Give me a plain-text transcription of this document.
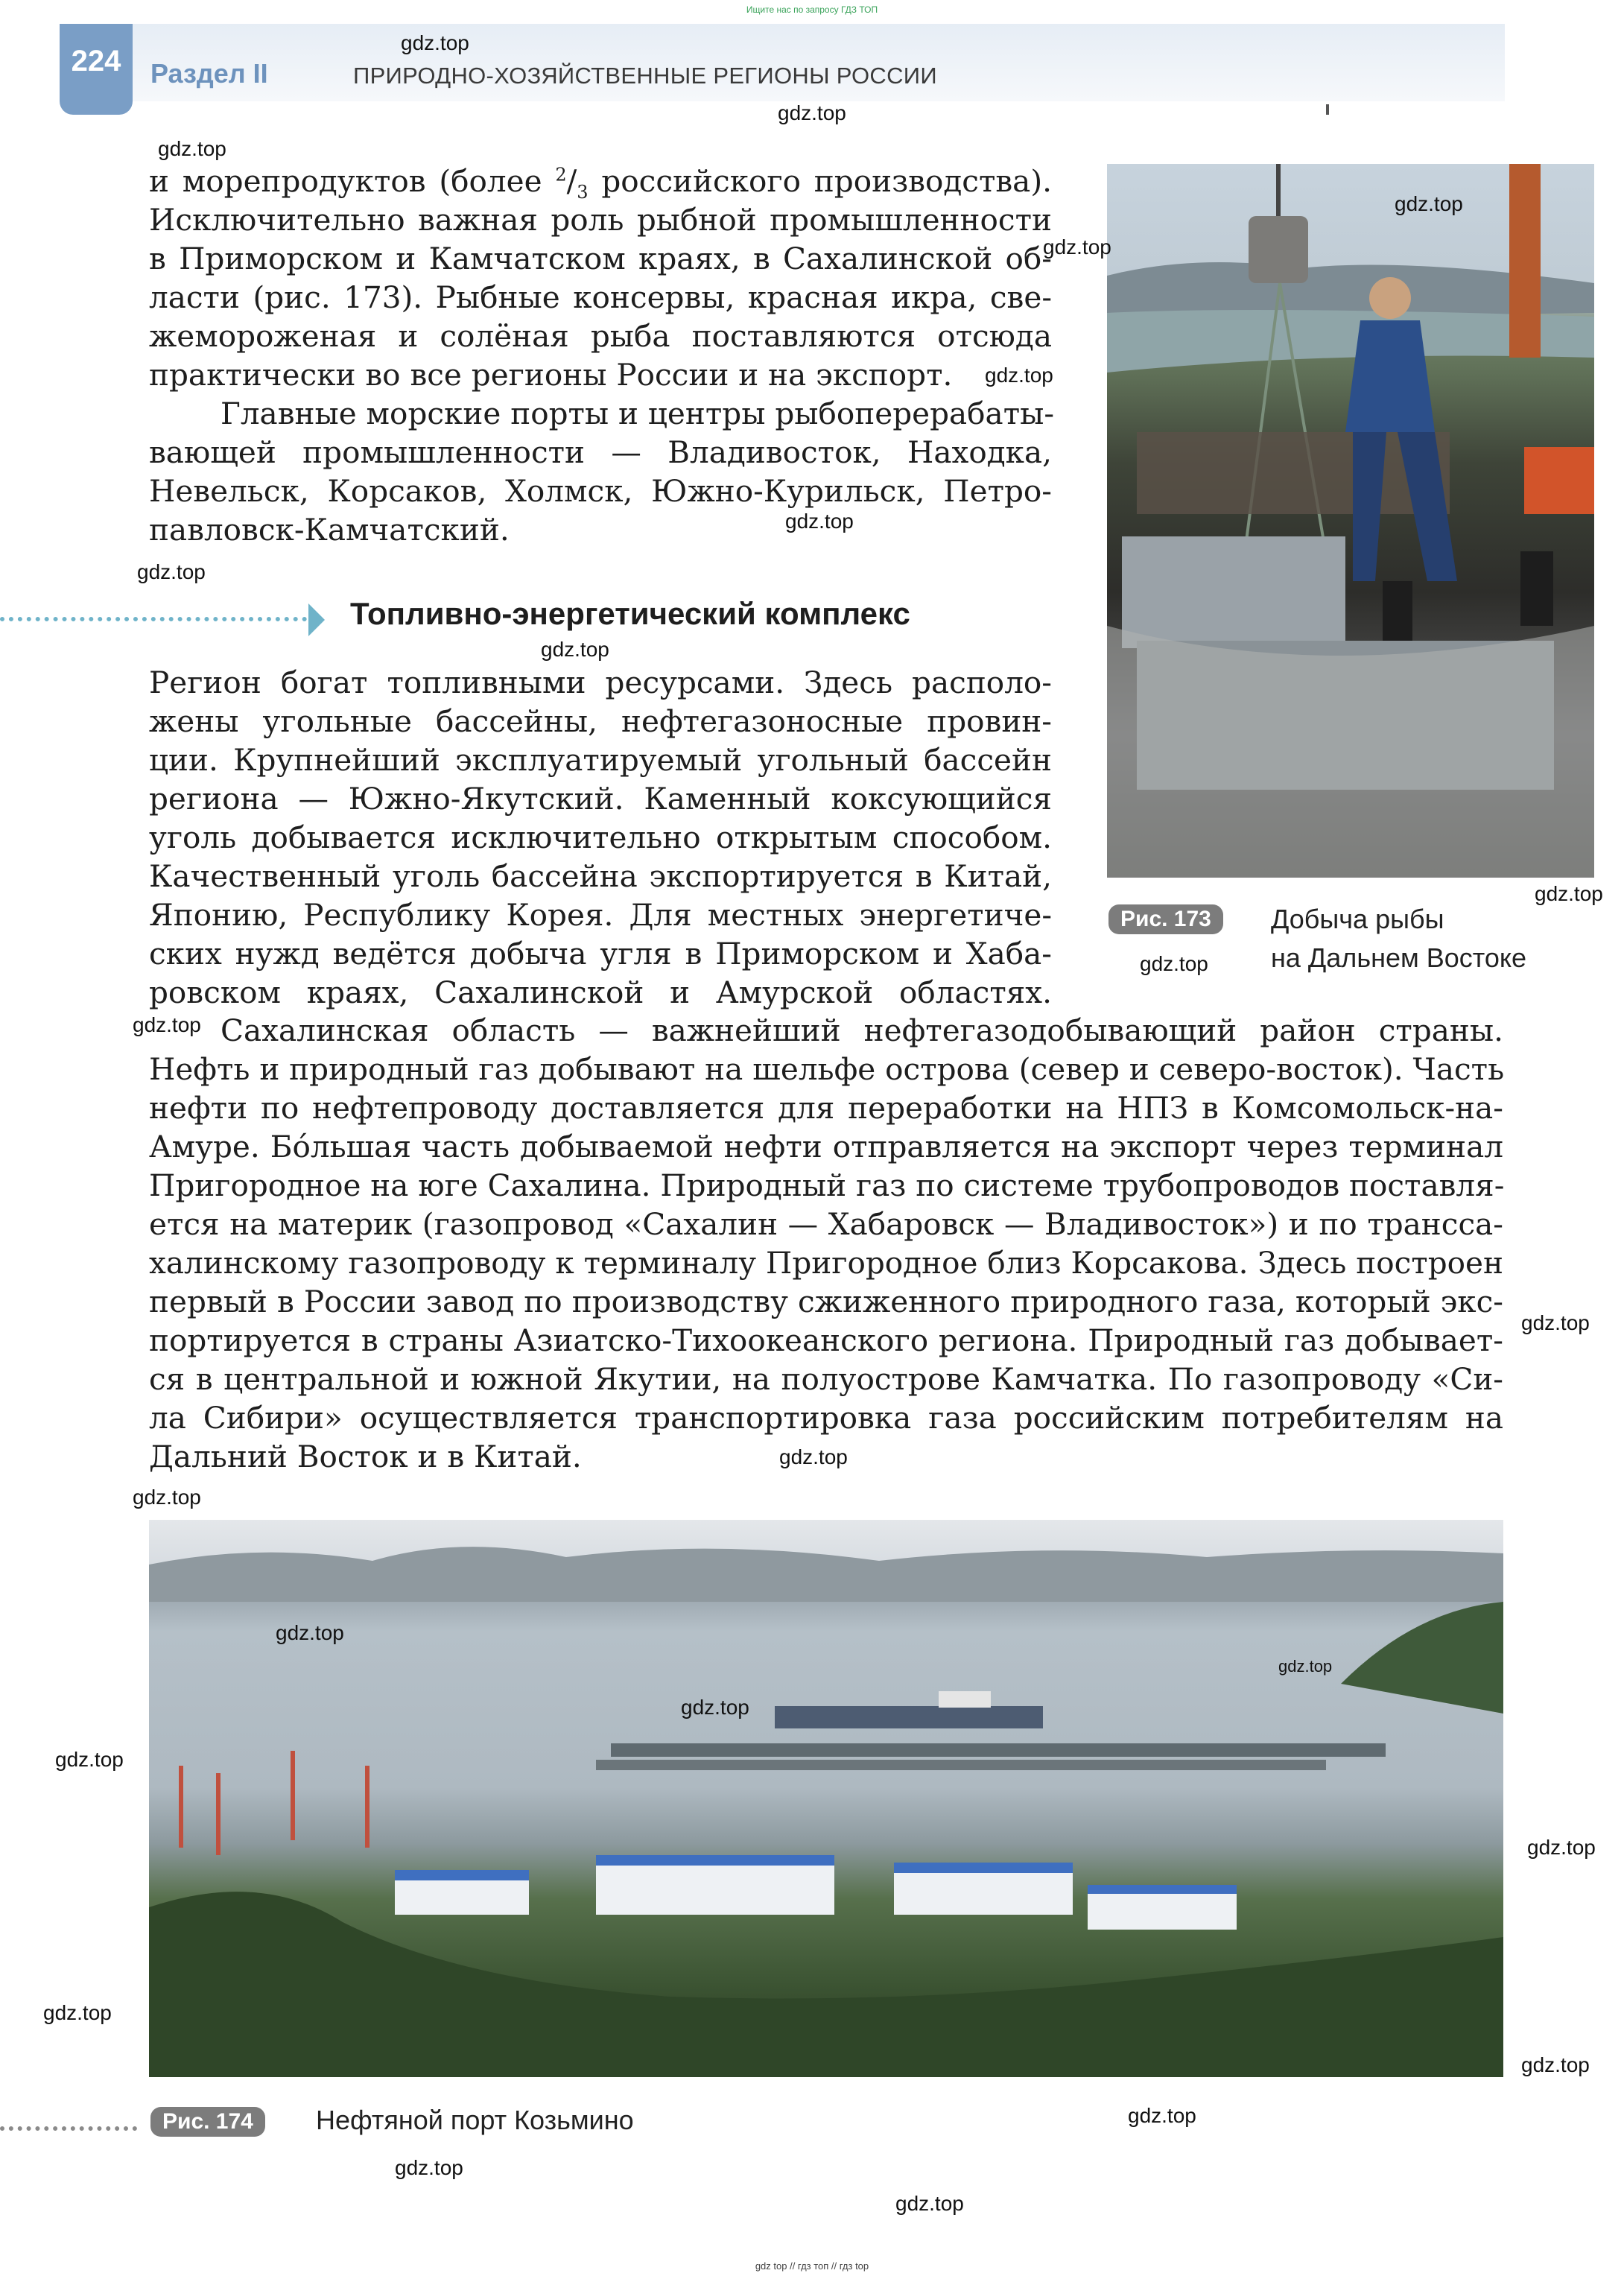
Ищите нас по запросу ГДЗ ТОП
224	Раздел II	ПРИРОДНО-ХОЗЯЙСТВЕННЫЕ РЕГИОНЫ РОССИИ
и морепродуктов (более $^2/_3$ российского производства).
Исключительно важная роль рыбной промышленности
в Приморском и Камчатском краях, в Сахалинской об-
ласти (рис. 173). Рыбные консервы, красная икра, све-
жемороженая и солёная рыба поставляются отсюда
практически во все регионы России и на экспорт.
Главные морские порты и центры рыбоперерабаты-
вающей промышленности — Владивосток, Находка,
Невельск, Корсаков, Холмск, Южно-Курильск, Петро-
павловск-Камчатский.
Топливно-энергетический комплекс
Регион богат топливными ресурсами. Здесь располо-
жены угольные бассейны, нефтегазоносные провин-
ции. Крупнейший эксплуатируемый угольный бассейн
региона — Южно-Якутский. Каменный коксующийся
уголь добывается исключительно открытым способом.
Качественный уголь бассейна экспортируется в Китай,
Японию, Республику Корея. Для местных энергетиче-
ских нужд ведётся добыча угля в Приморском и Хаба-
ровском краях, Сахалинской и Амурской областях.
Сахалинская область — важнейший нефтегазодобывающий район страны.
Нефть и природный газ добывают на шельфе острова (север и северо-восток). Часть
нефти по нефтепроводу доставляется для переработки на НПЗ в Комсомольск-на-
Амуре. Бóльшая часть добываемой нефти отправляется на экспорт через терминал
Пригородное на юге Сахалина. Природный газ по системе трубопроводов поставля-
ется на материк (газопровод «Сахалин — Хабаровск — Владивосток») и по трансса-
халинскому газопроводу к терминалу Пригородное близ Корсакова. Здесь построен
первый в России завод по производству сжиженного природного газа, который экс-
портируется в страны Азиатско-Тихоокеанского региона. Природный газ добывает-
ся в центральной и южной Якутии, на полуострове Камчатка. По газопроводу «Си-
ла Сибири» осуществляется транспортировка газа российским потребителям на
Дальний Восток и в Китай.
Рис. 173	Добыча рыбы
на Дальнем Востоке
Рис. 174	Нефтяной порт Козьмино
gdz.top
gdz.top
gdz.top
gdz.top
gdz.top
gdz.top
gdz.top
gdz.top
gdz.top
gdz.top
gdz.top
gdz.top
gdz.top
gdz.top
gdz.top
gdz.top
gdz.top
gdz.top
gdz.top
gdz.top
gdz.top
gdz.top
gdz.top
gdz.top
gdz.top
gdz top // гдз топ // гдз top
